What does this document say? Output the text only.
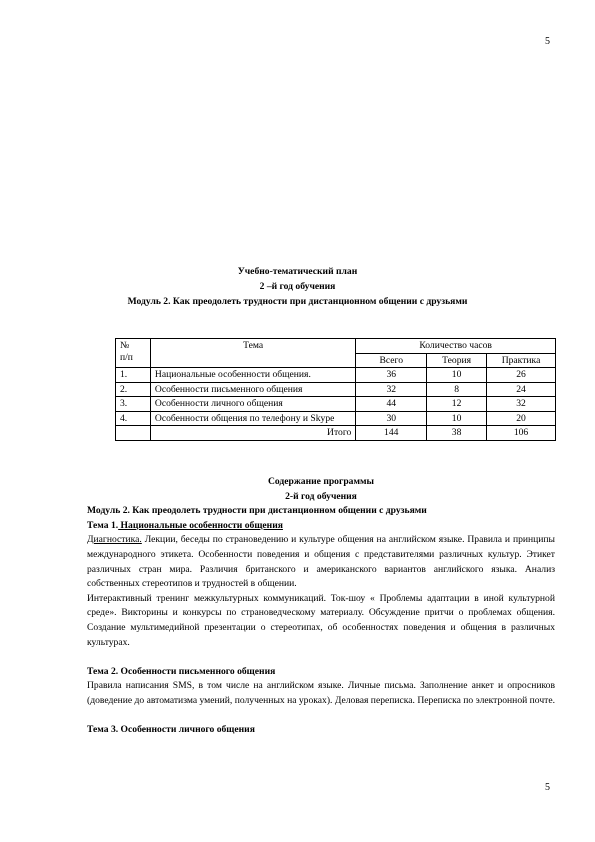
5
Учебно-тематический план
2 –й год обучения
Модуль 2. Как преодолеть трудности при дистанционном общении с друзьями
№
п/п	Тема	Количество часов		
		Всего	Теория	Практика
1.	Национальные особенности общения.	36	10	26
2.	Особенности письменного общения	32	8	24
3.	Особенности личного общения	44	12	32
4.	Особенности общения по телефону и Skype	30	10	20
	Итого	144	38	106
Содержание программы
2-й год обучения
Модуль 2. Как преодолеть трудности при дистанционном общении с друзьями
Тема 1. Национальные особенности общения

Диагностика. Лекции, беседы по страноведению и культуре общения на английском языке. Правила и принципы международного этикета. Особенности поведения и общения с представителями различных культур. Этикет различных стран мира. Различия британского и американского вариантов английского языка. Анализ собственных стереотипов и трудностей в общении.

Интерактивный тренинг межкультурных коммуникаций. Ток-шоу « Проблемы адаптации в иной культурной среде». Викторины и конкурсы по страноведческому материалу. Обсуждение притчи о проблемах общения. Создание мультимедийной презентации о стереотипах, об особенностях поведения и общения в различных культурах.

Тема 2. Особенности письменного общения

Правила написания SMS, в том числе на английском языке. Личные письма. Заполнение анкет и опросников (доведение до автоматизма умений, полученных на уроках). Деловая переписка. Переписка по электронной почте.

Тема 3. Особенности личного общения
5
